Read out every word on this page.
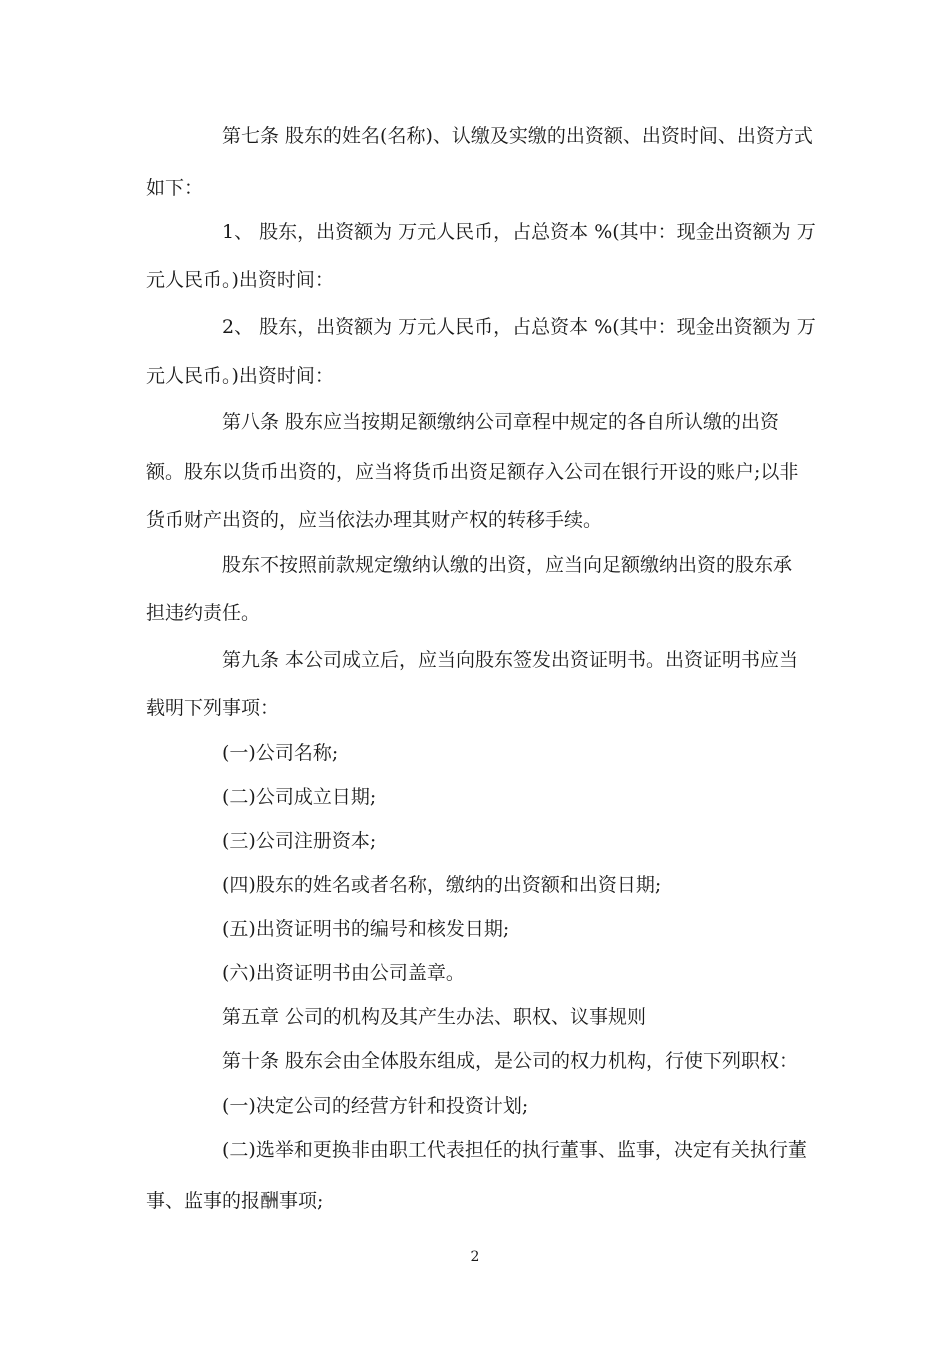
第七条 股东的姓名(名称)、认缴及实缴的出资额、出资时间、出资方式
如下：
1、 股东，出资额为 万元人民币，占总资本 %(其中：现金出资额为 万
元人民币。)出资时间：
2、 股东，出资额为 万元人民币，占总资本 %(其中：现金出资额为 万
元人民币。)出资时间：
第八条 股东应当按期足额缴纳公司章程中规定的各自所认缴的出资
额。股东以货币出资的，应当将货币出资足额存入公司在银行开设的账户;以非
货币财产出资的，应当依法办理其财产权的转移手续。
股东不按照前款规定缴纳认缴的出资，应当向足额缴纳出资的股东承
担违约责任。
第九条 本公司成立后，应当向股东签发出资证明书。出资证明书应当
载明下列事项：
(一)公司名称;
(二)公司成立日期;
(三)公司注册资本;
(四)股东的姓名或者名称，缴纳的出资额和出资日期;
(五)出资证明书的编号和核发日期;
(六)出资证明书由公司盖章。
第五章 公司的机构及其产生办法、职权、议事规则
第十条 股东会由全体股东组成，是公司的权力机构，行使下列职权：
(一)决定公司的经营方针和投资计划;
(二)选举和更换非由职工代表担任的执行董事、监事，决定有关执行董
事、监事的报酬事项;
2
